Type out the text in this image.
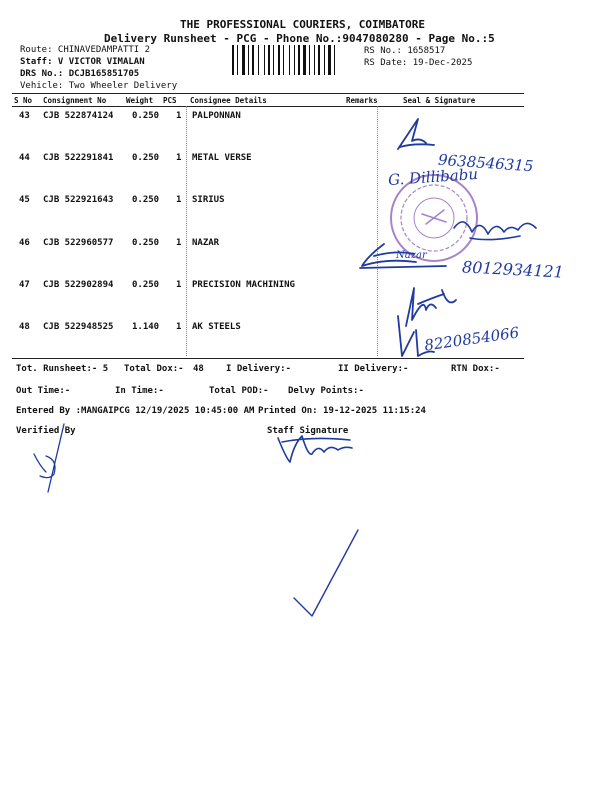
THE PROFESSIONAL COURIERS, COIMBATORE
Delivery Runsheet - PCG - Phone No.:9047080280 - Page No.:5
Route: CHINAVEDAMPATTI 2
Staff: V VICTOR VIMALAN
DRS No.: DCJB165851705
Vehicle: Two Wheeler Delivery
RS No.: 1658517
RS Date: 19-Dec-2025
S No Consignment No	Weight PCS Consignee Details	Remarks	Seal & Signature
43 CJB 522874124 0.250 1 PALPONNAN
44 CJB 522291841 0.250 1 METAL VERSE
45 CJB 522921643 0.250 1 SIRIUS
46 CJB 522960577 0.250 1 NAZAR
47 CJB 522902894 0.250 1 PRECISION MACHINING
48 CJB 522948525 1.140 1 AK STEELS
Tot. Runsheet:- 5 Total Dox:- 48 I Delivery:-	II Delivery:-	RTN Dox:-
Out Time:-	In Time:-	Total POD:- Delvy Points:-
Entered By :MANGAIPCG 12/19/2025 10:45:00 AM Printed On: 19-12-2025 11:15:24
Verified By	Staff Signature
G. Dillibabu
9638546315
Nazar
8012934121
8220854066
